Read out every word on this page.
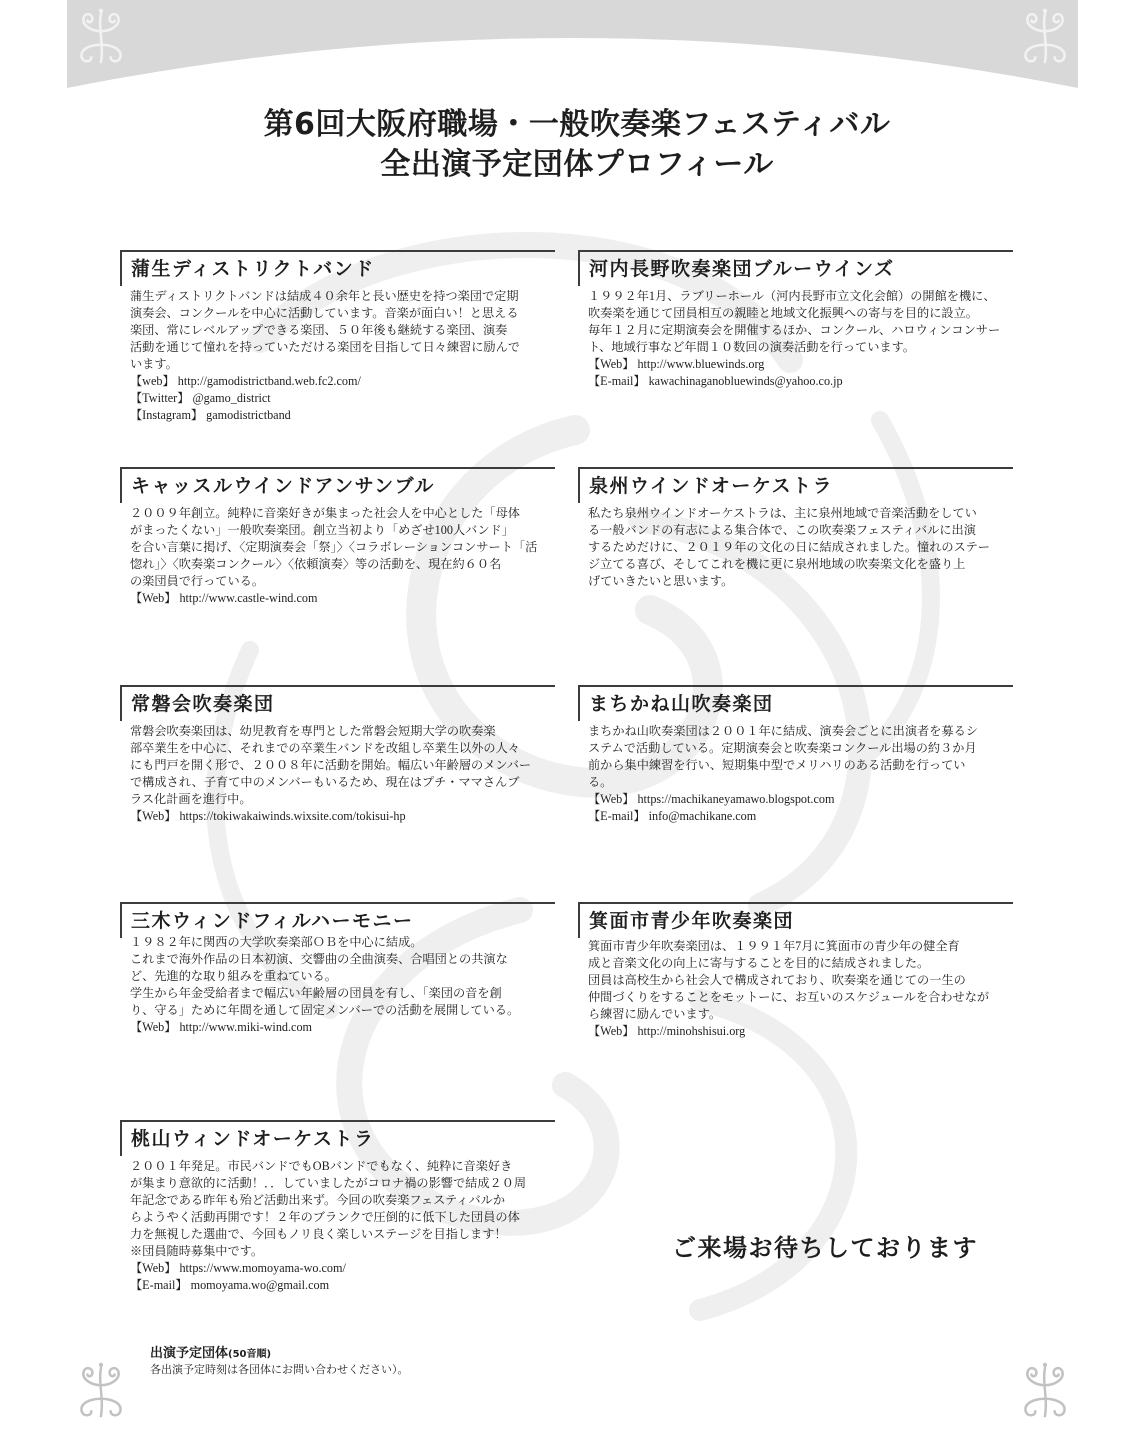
第6回大阪府職場・一般吹奏楽フェスティバル
全出演予定団体プロフィール
蒲生ディストリクトバンド
蒲生ディストリクトバンドは結成４０余年と長い歴史を持つ楽団で定期
演奏会、コンクールを中心に活動しています。音楽が面白い！と思える
楽団、常にレベルアップできる楽団、５０年後も継続する楽団、演奏
活動を通じて憧れを持っていただける楽団を目指して日々練習に励んで
います。
【web】 http://gamodistrictband.web.fc2.com/
【Twitter】 @gamo_district
【Instagram】 gamodistrictband
河内長野吹奏楽団ブルーウインズ
１９９２年1月、ラブリーホール（河内長野市立文化会館）の開館を機に、
吹奏楽を通じて団員相互の親睦と地域文化振興への寄与を目的に設立。
毎年１２月に定期演奏会を開催するほか、コンクール、ハロウィンコンサー
ト、地域行事など年間１０数回の演奏活動を行っています。
【Web】 http://www.bluewinds.org
【E-mail】 kawachinaganobluewinds@yahoo.co.jp
キャッスルウインドアンサンブル
２００９年創立。純粋に音楽好きが集まった社会人を中心とした「母体
がまったくない」一般吹奏楽団。創立当初より「めざせ100人バンド」
を合い言葉に掲げ、〈定期演奏会「祭」〉〈コラボレーションコンサート「活
惚れ」〉〈吹奏楽コンクール〉〈依頼演奏〉等の活動を、現在約６０名
の楽団員で行っている。
【Web】 http://www.castle-wind.com
泉州ウインドオーケストラ
私たち泉州ウインドオーケストラは、主に泉州地域で音楽活動をしてい
る一般バンドの有志による集合体で、この吹奏楽フェスティバルに出演
するためだけに、２０１９年の文化の日に結成されました。憧れのステー
ジ立てる喜び、そしてこれを機に更に泉州地域の吹奏楽文化を盛り上
げていきたいと思います。
常磐会吹奏楽団
常磐会吹奏楽団は、幼児教育を専門とした常磐会短期大学の吹奏楽
部卒業生を中心に、それまでの卒業生バンドを改組し卒業生以外の人々
にも門戸を開く形で、２００８年に活動を開始。幅広い年齢層のメンバー
で構成され、子育て中のメンバーもいるため、現在はプチ・ママさんブ
ラス化計画を進行中。
【Web】 https://tokiwakaiwinds.wixsite.com/tokisui-hp
まちかね山吹奏楽団
まちかね山吹奏楽団は２００１年に結成、演奏会ごとに出演者を募るシ
ステムで活動している。定期演奏会と吹奏楽コンクール出場の約３か月
前から集中練習を行い、短期集中型でメリハリのある活動を行ってい
る。
【Web】 https://machikaneyamawo.blogspot.com
【E-mail】 info@machikane.com
三木ウィンドフィルハーモニー
１９８２年に関西の大学吹奏楽部ＯＢを中心に結成。
これまで海外作品の日本初演、交響曲の全曲演奏、合唱団との共演な
ど、先進的な取り組みを重ねている。
学生から年金受給者まで幅広い年齢層の団員を有し、「楽団の音を創
り、守る」ために年間を通して固定メンバーでの活動を展開している。
【Web】 http://www.miki-wind.com
箕面市青少年吹奏楽団
箕面市青少年吹奏楽団は、１９９１年7月に箕面市の青少年の健全育
成と音楽文化の向上に寄与することを目的に結成されました。
団員は高校生から社会人で構成されており、吹奏楽を通じての一生の
仲間づくりをすることをモットーに、お互いのスケジュールを合わせなが
ら練習に励んでいます。
【Web】 http://minohshisui.org
桃山ウィンドオーケストラ
２００１年発足。市民バンドでもOBバンドでもなく、純粋に音楽好き
が集まり意欲的に活動！．．していましたがコロナ禍の影響で結成２０周
年記念である昨年も殆ど活動出来ず。今回の吹奏楽フェスティバルか
らようやく活動再開です！２年のブランクで圧倒的に低下した団員の体
力を無視した選曲で、今回もノリ良く楽しいステージを目指します！
※団員随時募集中です。
【Web】 https://www.momoyama-wo.com/
【E-mail】 momoyama.wo@gmail.com
ご来場お待ちしております
出演予定団体(50音順)
各出演予定時刻は各団体にお問い合わせください）。
